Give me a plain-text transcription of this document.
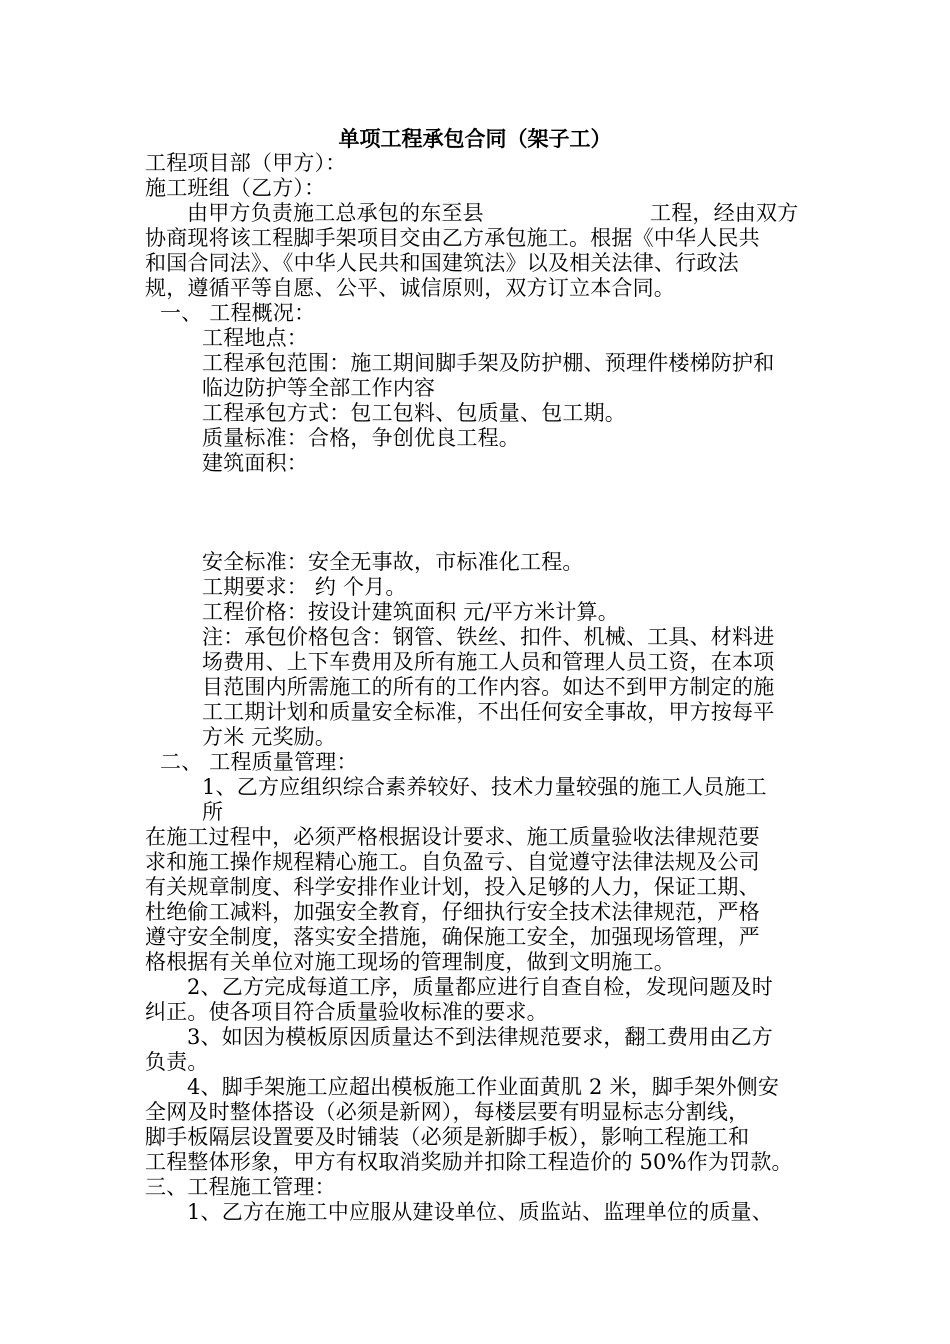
单项工程承包合同（架子工）
工程项目部（甲方）：
施工班组（乙方）：
由甲方负责施工总承包的东至县	工程，经由双方
协商现将该工程脚手架项目交由乙方承包施工。根据《中华人民共
和国合同法》、《中华人民共和国建筑法》以及相关法律、行政法
规，遵循平等自愿、公平、诚信原则，双方订立本合同。
一、 工程概况：
工程地点：
工程承包范围：施工期间脚手架及防护棚、预理件楼梯防护和
临边防护等全部工作内容
工程承包方式：包工包料、包质量、包工期。
质量标准：合格，争创优良工程。
建筑面积：
安全标准：安全无事故，市标准化工程。
工期要求： 约 个月。
工程价格：按设计建筑面积 元/平方米计算。
注：承包价格包含：钢管、铁丝、扣件、机械、工具、材料进
场费用、上下车费用及所有施工人员和管理人员工资，在本项
目范围内所需施工的所有的工作内容。如达不到甲方制定的施
工工期计划和质量安全标准，不出任何安全事故，甲方按每平
方米 元奖励。
二、 工程质量管理：
1、乙方应组织综合素养较好、技术力量较强的施工人员施工
所
在施工过程中，必须严格根据设计要求、施工质量验收法律规范要
求和施工操作规程精心施工。自负盈亏、自觉遵守法律法规及公司
有关规章制度、科学安排作业计划，投入足够的人力，保证工期、
杜绝偷工减料，加强安全教育，仔细执行安全技术法律规范，严格
遵守安全制度，落实安全措施，确保施工安全，加强现场管理，严
格根据有关单位对施工现场的管理制度，做到文明施工。
2、乙方完成每道工序，质量都应进行自查自检，发现问题及时
纠正。使各项目符合质量验收标准的要求。
3、如因为模板原因质量达不到法律规范要求，翻工费用由乙方
负责。
4、脚手架施工应超出模板施工作业面黄肌 2 米，脚手架外侧安
全网及时整体搭设（必须是新网），每楼层要有明显标志分割线，
脚手板隔层设置要及时铺装（必须是新脚手板），影响工程施工和
工程整体形象，甲方有权取消奖励并扣除工程造价的 50%作为罚款。
三、工程施工管理：
1、乙方在施工中应服从建设单位、质监站、监理单位的质量、
